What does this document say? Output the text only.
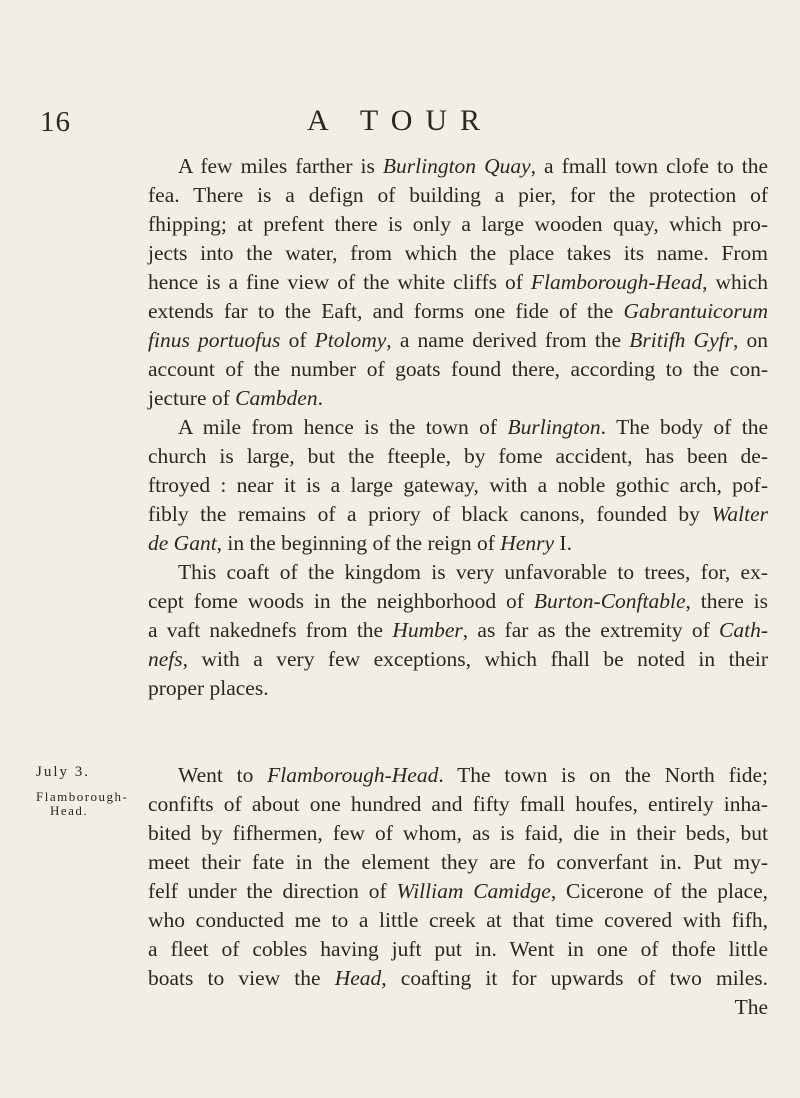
16	A TOUR
July 3.
Flamborough-
Head.
A few miles farther is Burlington Quay, a fmall town clofe to the
fea. There is a defign of building a pier, for the protection of
fhipping; at prefent there is only a large wooden quay, which pro-
jects into the water, from which the place takes its name. From
hence is a fine view of the white cliffs of Flamborough-Head, which
extends far to the Eaft, and forms one fide of the Gabrantuicorum
finus portuofus of Ptolomy, a name derived from the Britifh Gyfr, on
account of the number of goats found there, according to the con-
jecture of Cambden.
A mile from hence is the town of Burlington. The body of the
church is large, but the fteeple, by fome accident, has been de-
ftroyed : near it is a large gateway, with a noble gothic arch, pof-
fibly the remains of a priory of black canons, founded by Walter
de Gant, in the beginning of the reign of Henry I.
This coaft of the kingdom is very unfavorable to trees, for, ex-
cept fome woods in the neighborhood of Burton-Conftable, there is
a vaft nakednefs from the Humber, as far as the extremity of Cath-
nefs, with a very few exceptions, which fhall be noted in their
proper places.
Went to Flamborough-Head. The town is on the North fide;
confifts of about one hundred and fifty fmall houfes, entirely inha-
bited by fifhermen, few of whom, as is faid, die in their beds, but
meet their fate in the element they are fo converfant in. Put my-
felf under the direction of William Camidge, Cicerone of the place,
who conducted me to a little creek at that time covered with fifh,
a fleet of cobles having juft put in. Went in one of thofe little
boats to view the Head, coafting it for upwards of two miles.
The
